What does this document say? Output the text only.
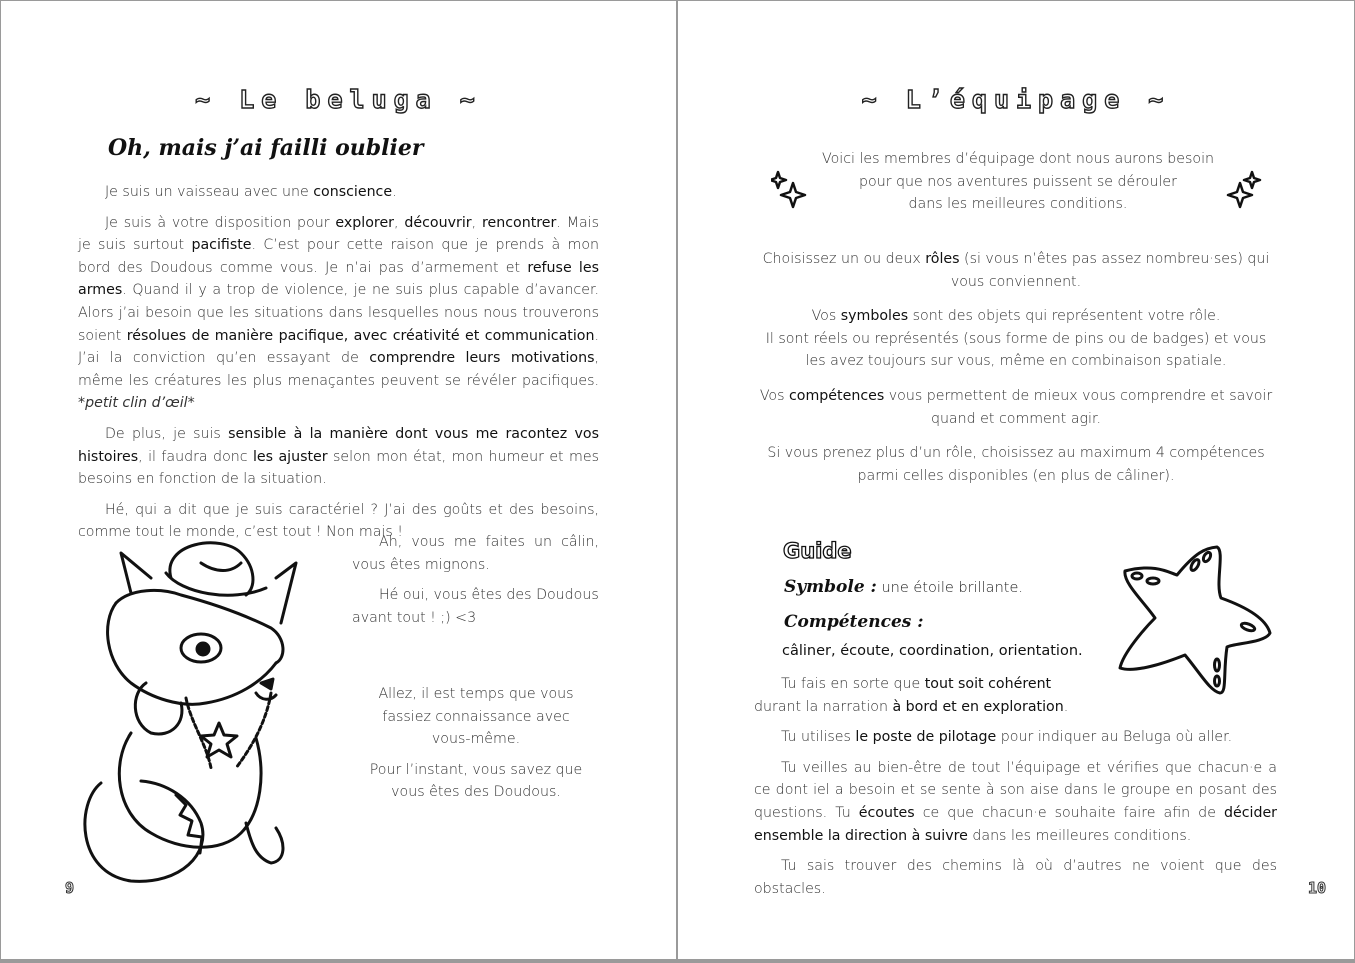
~ Le beluga ~
Oh, mais j’ai failli oublier

Je suis un vaisseau avec une conscience.

Je suis à votre disposition pour explorer, découvrir, rencontrer. Mais je suis surtout pacifiste. C’est pour cette raison que je prends à mon bord des Doudous comme vous. Je n’ai pas d’armement et refuse les armes. Quand il y a trop de violence, je ne suis plus capable d’avancer. Alors j’ai besoin que les situations dans lesquelles nous nous trouverons soient résolues de manière pacifique, avec créativité et communication. J’ai la conviction qu’en essayant de comprendre leurs motivations, même les créatures les plus menaçantes peuvent se révéler pacifiques. *petit clin d’œil*

De plus, je suis sensible à la manière dont vous me racontez vos histoires, il faudra donc les ajuster selon mon état, mon humeur et mes besoins en fonction de la situation.

Hé, qui a dit que je suis caractériel ? J’ai des goûts et des besoins, comme tout le monde, c’est tout ! Non mais !

Ah, vous me faites un câlin, vous êtes mignons.

Hé oui, vous êtes des Doudous avant tout ! ;) <3

Allez, il est temps que vous fassiez connaissance avec vous-même.

Pour l’instant, vous savez que vous êtes des Doudous.

9
~ L’équipage ~

Voici les membres d’équipage dont nous aurons besoin

pour que nos aventures puissent se dérouler

dans les meilleures conditions.

Choisissez un ou deux rôles (si vous n’êtes pas assez nombreu·ses) qui vous conviennent.

Vos symboles sont des objets qui représentent votre rôle.
Il sont réels ou représentés (sous forme de pins ou de badges) et vous les avez toujours sur vous, même en combinaison spatiale.

Vos compétences vous permettent de mieux vous comprendre et savoir quand et comment agir.

Si vous prenez plus d’un rôle, choisissez au maximum 4 compétences parmi celles disponibles (en plus de câliner).

Guide
Symbole : une étoile brillante.
Compétences :
câliner, écoute, coordination, orientation.

Tu fais en sorte que tout soit cohérent durant la narration à bord et en exploration.

Tu utilises le poste de pilotage pour indiquer au Beluga où aller.

Tu veilles au bien-être de tout l’équipage et vérifies que chacun·e a ce dont iel a besoin et se sente à son aise dans le groupe en posant des questions. Tu écoutes ce que chacun·e souhaite faire afin de décider ensemble la direction à suivre dans les meilleures conditions.

Tu sais trouver des chemins là où d’autres ne voient que des obstacles.	10
